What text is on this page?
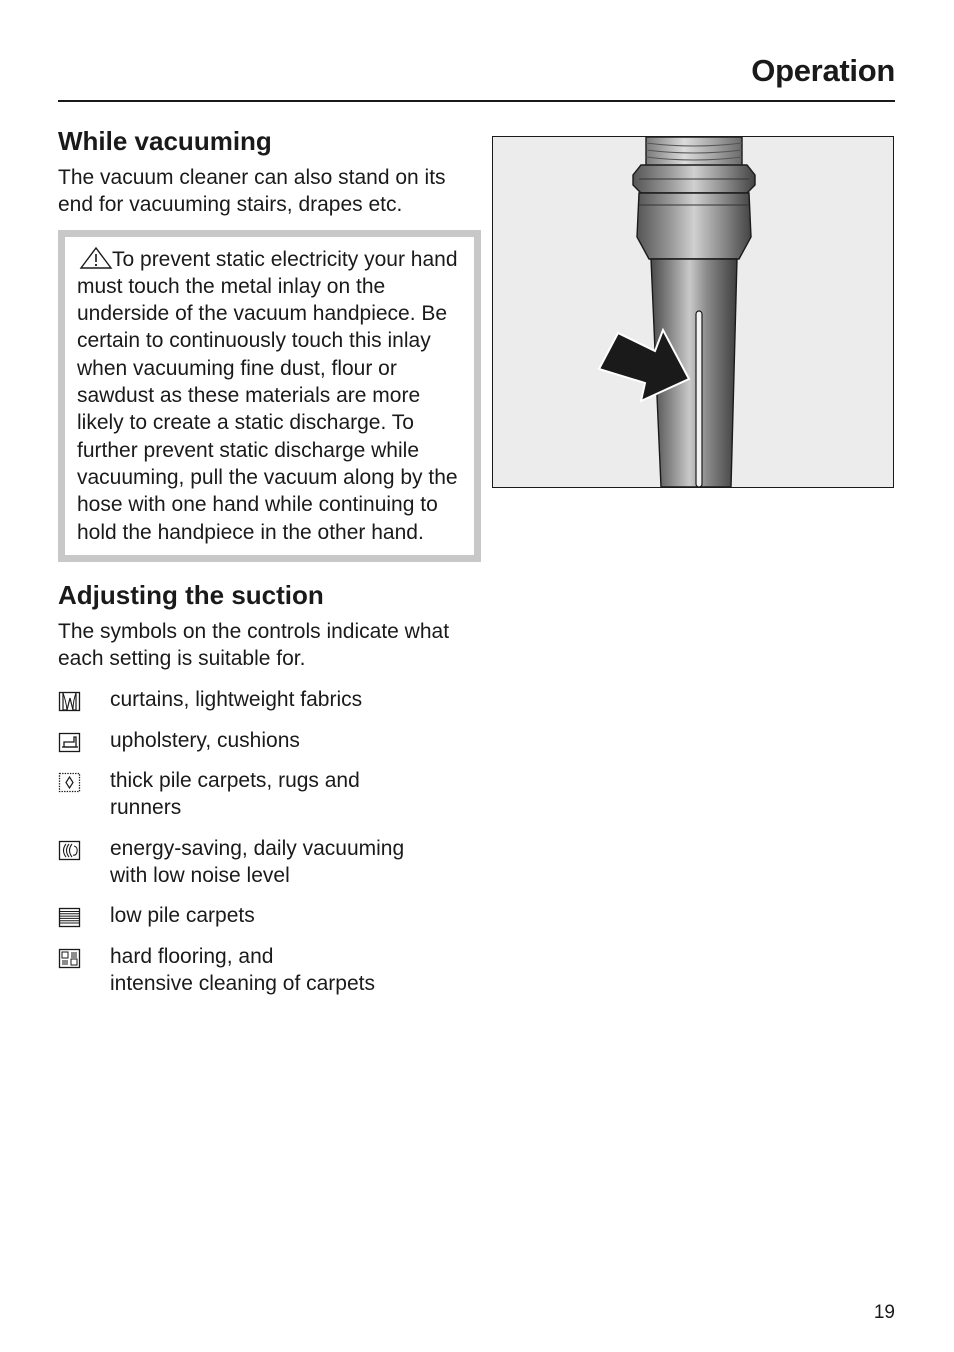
Operation
While vacuuming

The vacuum cleaner can also stand on its end for vacuuming stairs, drapes etc.

To prevent static electricity your hand must touch the metal inlay on the underside of the vacuum handpiece. Be certain to continuously touch this inlay when vacuuming fine dust, flour or sawdust as these materials are more likely to create a static discharge. To further prevent static discharge while vacuuming, pull the vacuum along by the hose with one hand while continuing to hold the handpiece in the other hand.
Adjusting the suction

The symbols on the controls indicate what each setting is suitable for.

curtains, lightweight fabrics
upholstery, cushions
thick pile carpets, rugs and
runners
energy-saving, daily vacuuming
with low noise level
low pile carpets
hard flooring, and
intensive cleaning of carpets
19
